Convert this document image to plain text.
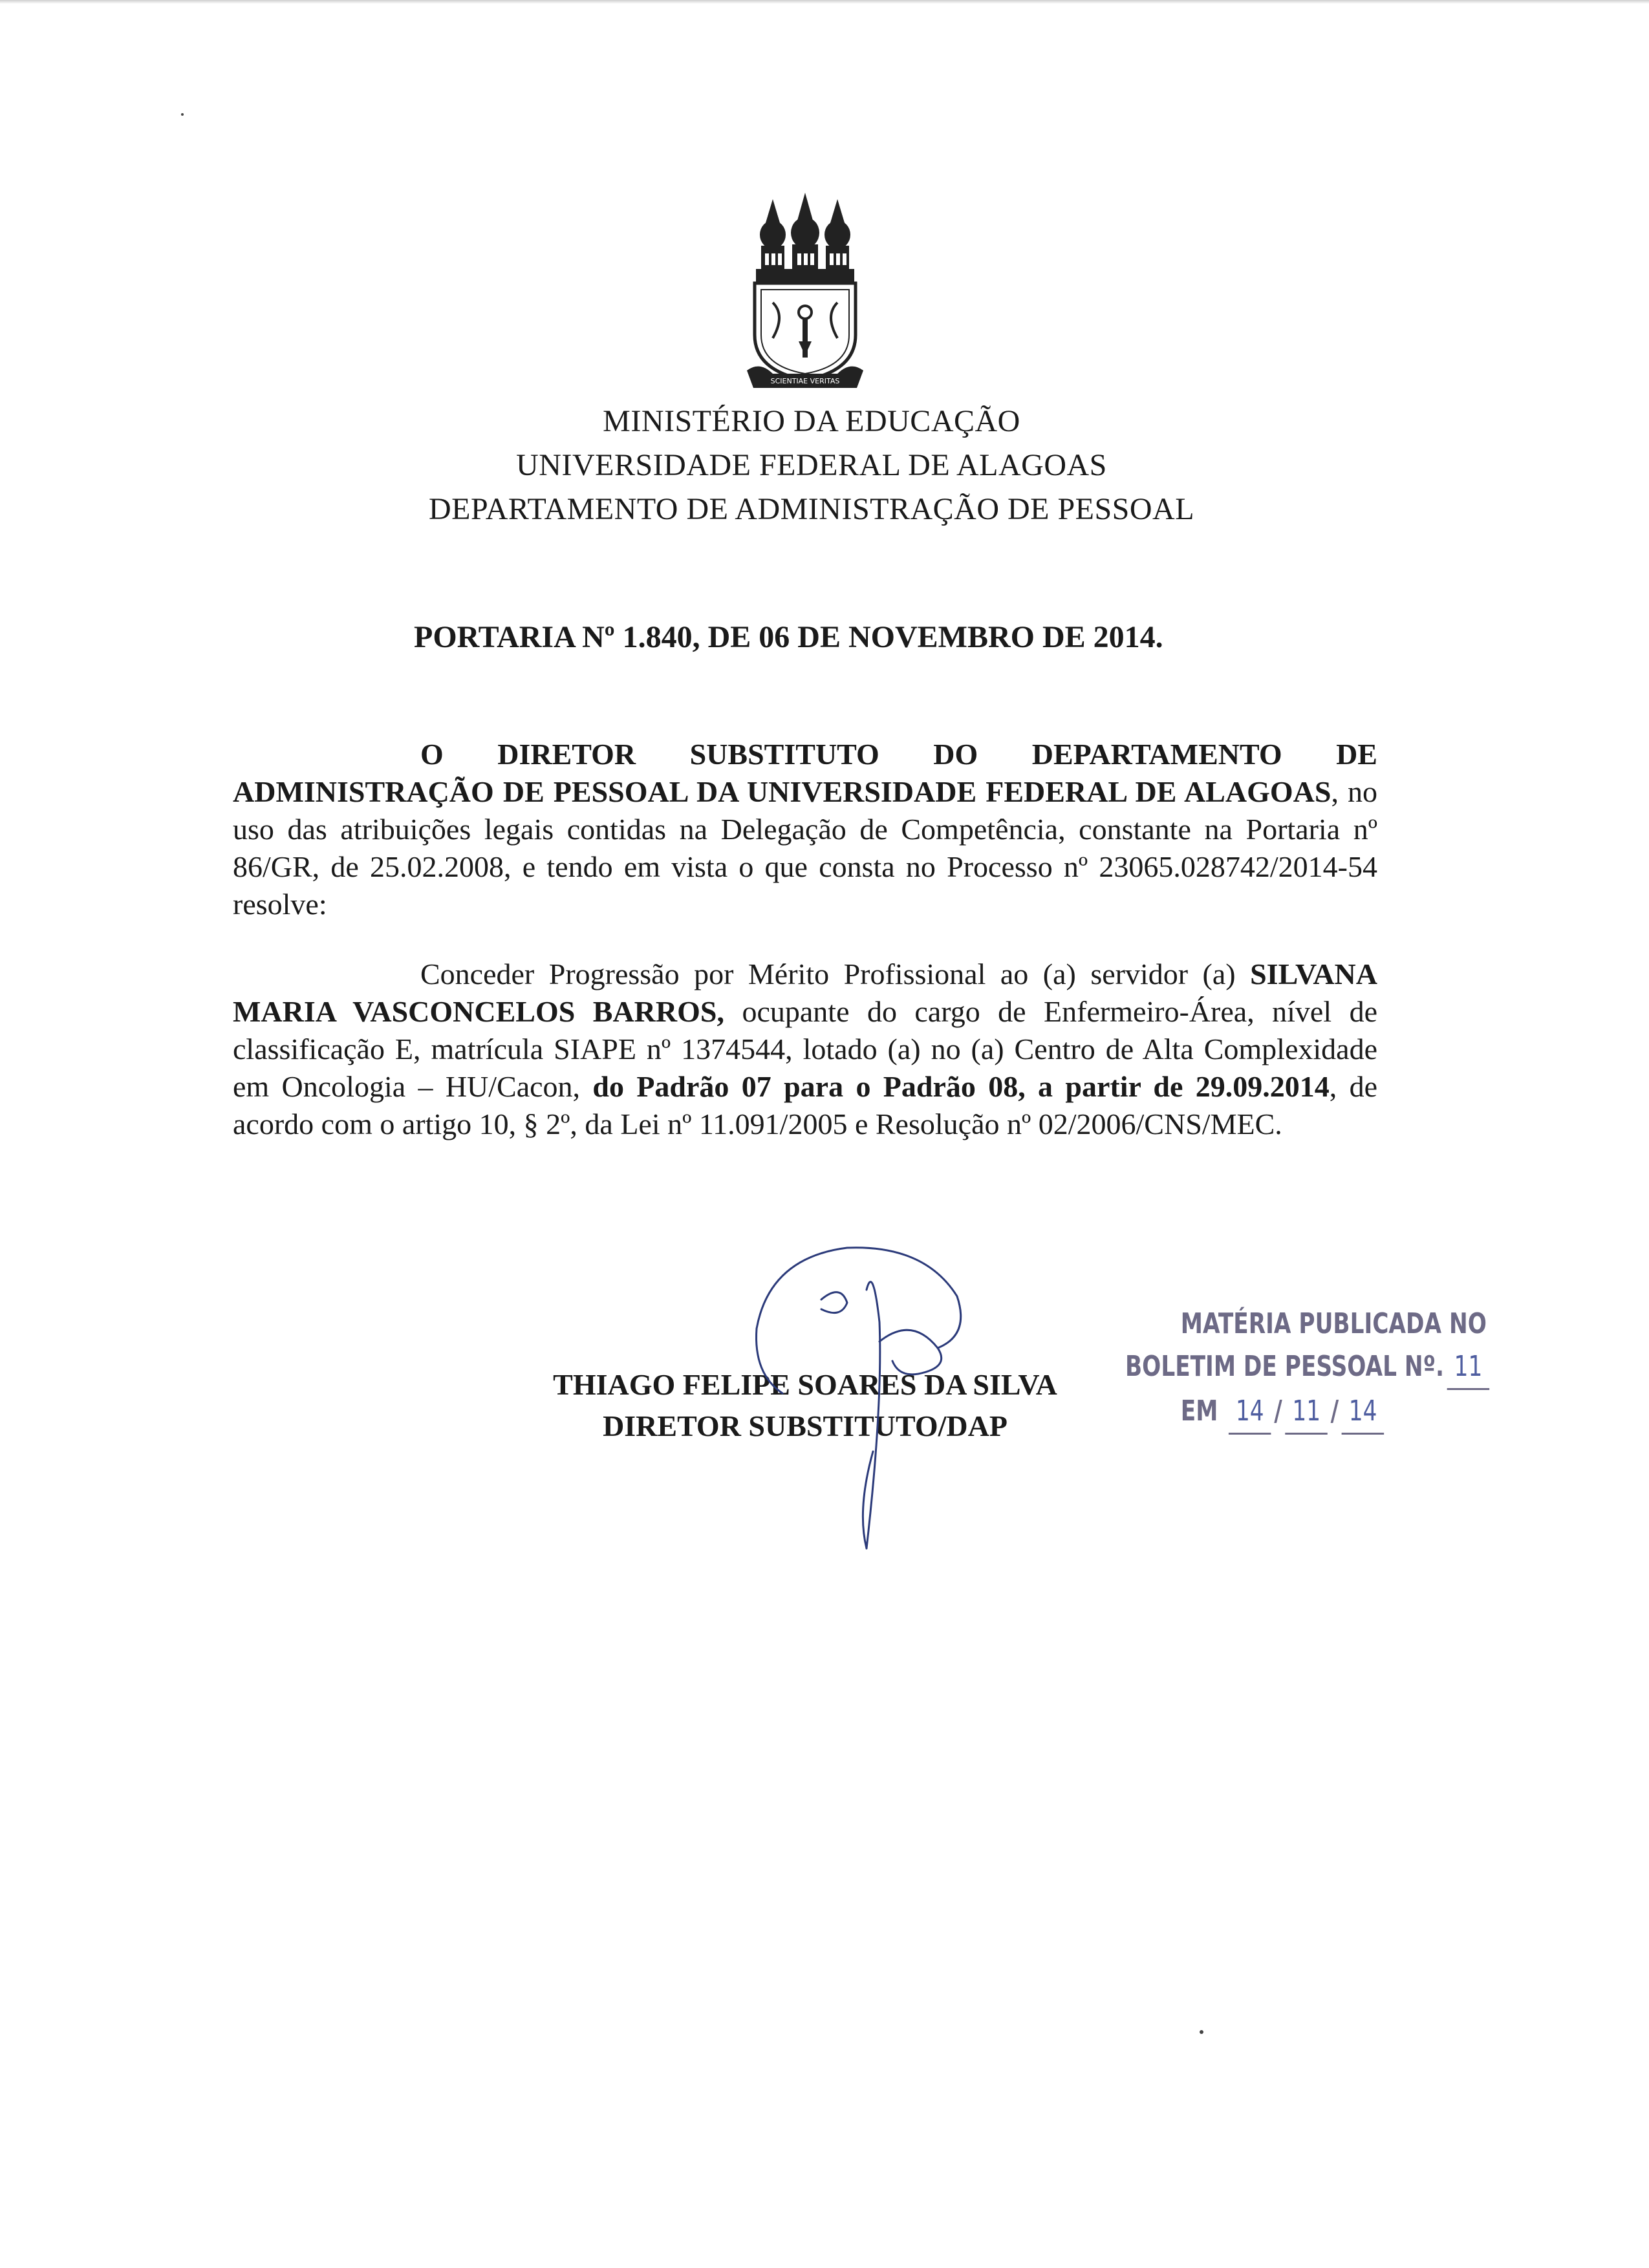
SCIENTIAE VERITAS
MINISTÉRIO DA EDUCAÇÃO
UNIVERSIDADE FEDERAL DE ALAGOAS
DEPARTAMENTO DE ADMINISTRAÇÃO DE PESSOAL
PORTARIA Nº 1.840, DE 06 DE NOVEMBRO DE 2014.
O DIRETOR SUBSTITUTO DO DEPARTAMENTO DE ADMINISTRAÇÃO DE PESSOAL DA UNIVERSIDADE FEDERAL DE ALAGOAS, no uso das atribuições legais contidas na Delegação de Competência, constante na Portaria nº 86/GR, de 25.02.2008, e tendo em vista o que consta no Processo nº 23065.028742/2014-54 resolve:
Conceder Progressão por Mérito Profissional ao (a) servidor (a) SILVANA MARIA VASCONCELOS BARROS, ocupante do cargo de Enfermeiro-Área, nível de classificação E, matrícula SIAPE nº 1374544, lotado (a) no (a) Centro de Alta Complexidade em Oncologia – HU/Cacon, do Padrão 07 para o Padrão 08, a partir de 29.09.2014, de acordo com o artigo 10, § 2º, da Lei nº 11.091/2005 e Resolução nº 02/2006/CNS/MEC.
THIAGO FELIPE SOARES DA SILVA
DIRETOR SUBSTITUTO/DAP
MATÉRIA PUBLICADA NO
BOLETIM DE PESSOAL Nº. 11
EM 14 / 11 / 14
